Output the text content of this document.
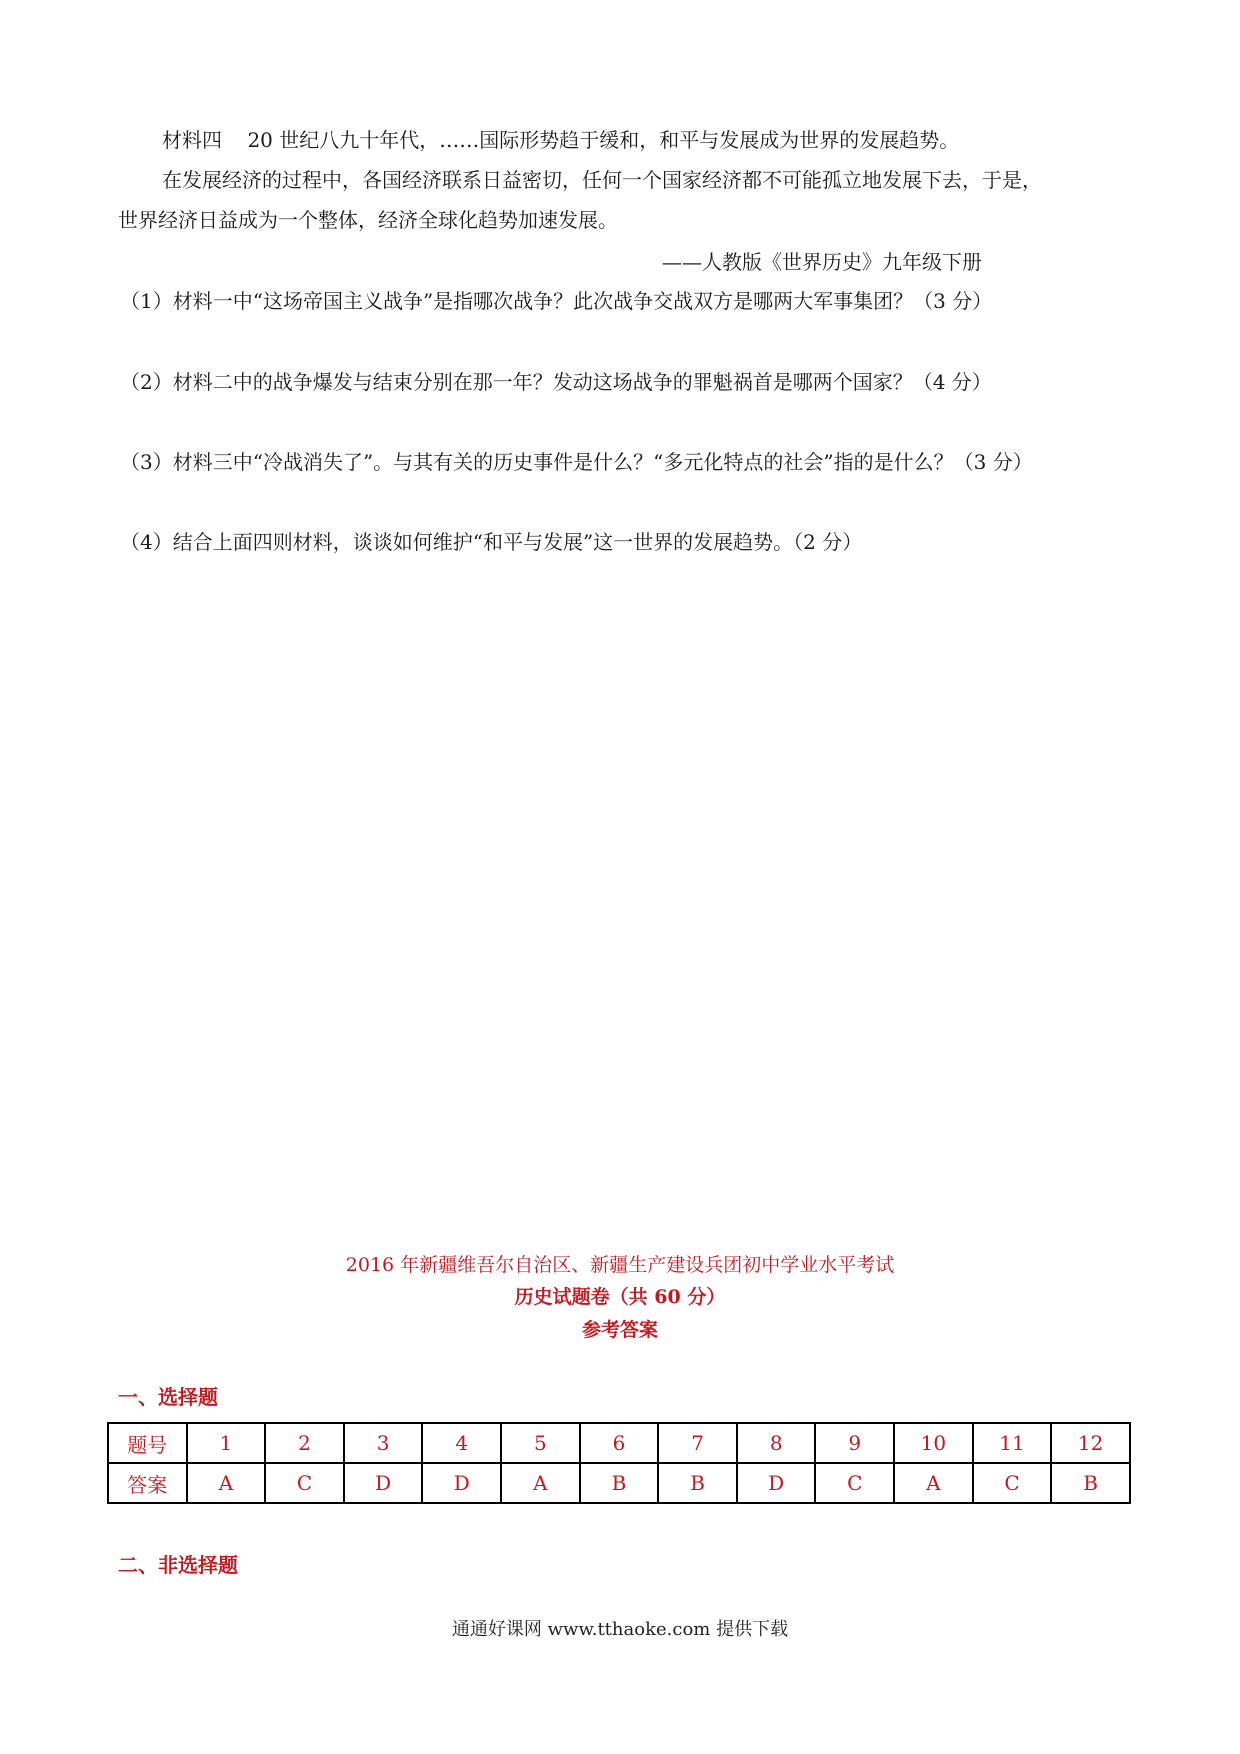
材料四 20 世纪八九十年代，……国际形势趋于缓和，和平与发展成为世界的发展趋势。
在发展经济的过程中，各国经济联系日益密切，任何一个国家经济都不可能孤立地发展下去，于是，
世界经济日益成为一个整体，经济全球化趋势加速发展。
——人教版《世界历史》九年级下册
（1）材料一中“这场帝国主义战争”是指哪次战争？此次战争交战双方是哪两大军事集团？（3 分）
（2）材料二中的战争爆发与结束分别在那一年？发动这场战争的罪魁祸首是哪两个国家？（4 分）
（3）材料三中“冷战消失了”。与其有关的历史事件是什么？“多元化特点的社会”指的是什么？（3 分）
（4）结合上面四则材料，谈谈如何维护“和平与发展”这一世界的发展趋势。（2 分）
2016 年新疆维吾尔自治区、新疆生产建设兵团初中学业水平考试
历史试题卷（共 60 分）
参考答案
一、选择题
题号	1	2	3	4	5	6	7	8	9	10	11	12
答案	A	C	D	D	A	B	B	D	C	A	C	B
二、非选择题
通通好课网 www.tthaoke.com 提供下载
